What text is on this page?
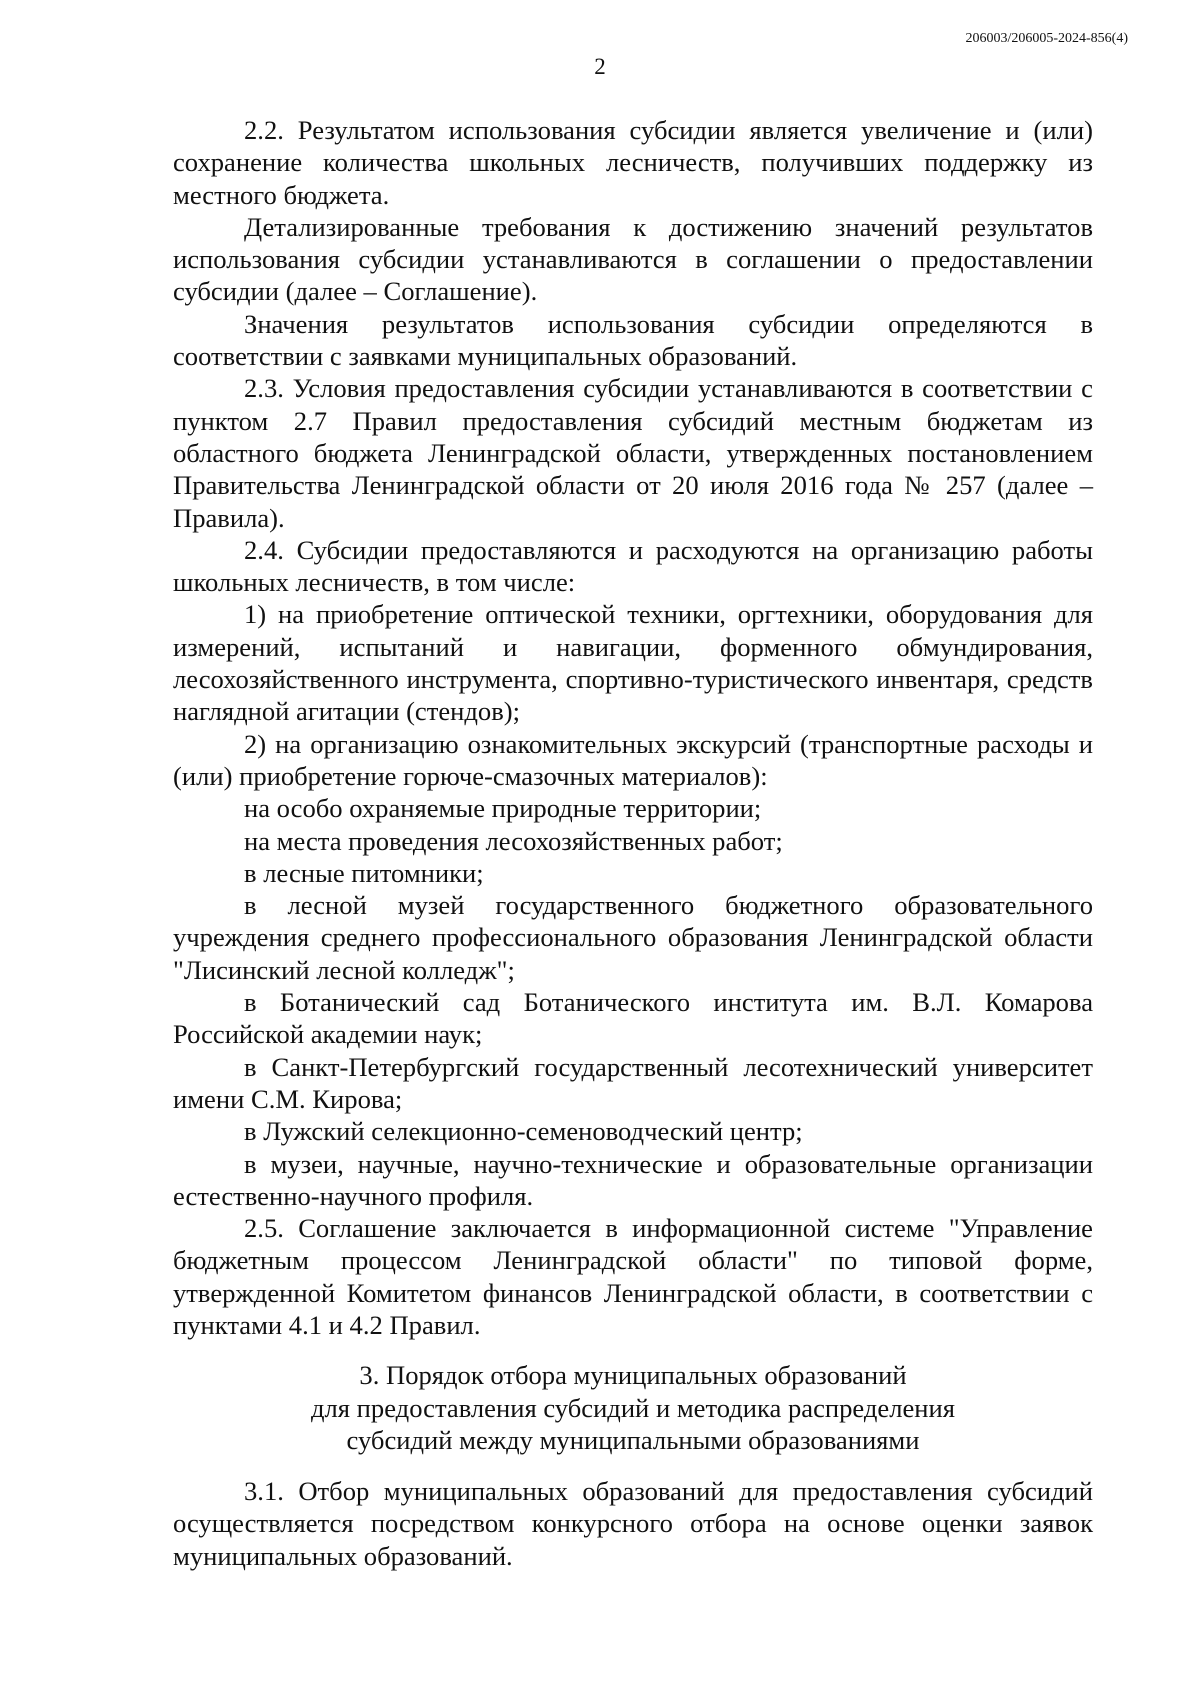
206003/206005-2024-856(4)
2

2.2. Результатом использования субсидии является увеличение и (или) сохранение количества школьных лесничеств, получивших поддержку из местного бюджета.

Детализированные требования к достижению значений результатов использования субсидии устанавливаются в соглашении о предоставлении субсидии (далее – Соглашение).

Значения результатов использования субсидии определяются в соответствии с заявками муниципальных образований.

2.3. Условия предоставления субсидии устанавливаются в соответствии с пунктом 2.7 Правил предоставления субсидий местным бюджетам из областного бюджета Ленинградской области, утвержденных постановлением Правительства Ленинградской области от 20 июля 2016 года № 257 (далее – Правила).

2.4. Субсидии предоставляются и расходуются на организацию работы школьных лесничеств, в том числе:

1) на приобретение оптической техники, оргтехники, оборудования для измерений, испытаний и навигации, форменного обмундирования, лесохозяйственного инструмента, спортивно-туристического инвентаря, средств наглядной агитации (стендов);

2) на организацию ознакомительных экскурсий (транспортные расходы и (или) приобретение горюче-смазочных материалов):

на особо охраняемые природные территории;

на места проведения лесохозяйственных работ;

в лесные питомники;

в лесной музей государственного бюджетного образовательного учреждения среднего профессионального образования Ленинградской области "Лисинский лесной колледж";

в Ботанический сад Ботанического института им. В.Л. Комарова Российской академии наук;

в Санкт-Петербургский государственный лесотехнический университет имени С.М. Кирова;

в Лужский селекционно-семеноводческий центр;

в музеи, научные, научно-технические и образовательные организации естественно-научного профиля.

2.5. Соглашение заключается в информационной системе "Управление бюджетным процессом Ленинградской области" по типовой форме, утвержденной Комитетом финансов Ленинградской области, в соответствии с пунктами 4.1 и 4.2 Правил.

3. Порядок отбора муниципальных образований
для предоставления субсидий и методика распределения
субсидий между муниципальными образованиями

3.1. Отбор муниципальных образований для предоставления субсидий осуществляется посредством конкурсного отбора на основе оценки заявок муниципальных образований.
